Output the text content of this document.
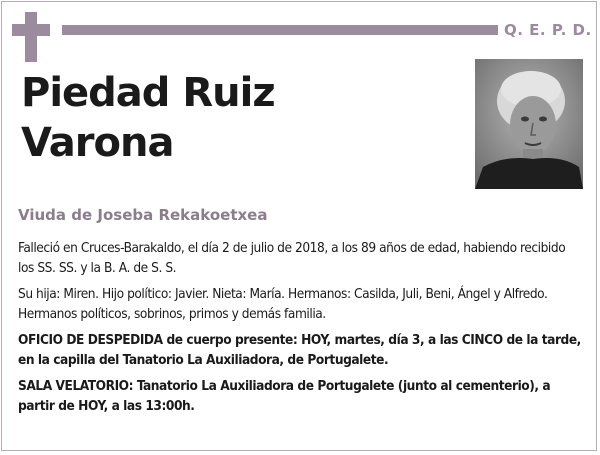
Q. E. P. D.
Piedad Ruiz
Varona
Viuda de Joseba Rekakoetxea

Falleció en Cruces-Barakaldo, el día 2 de julio de 2018, a los 89 años de edad, habiendo recibido los SS. SS. y la B. A. de S. S.

Su hija: Miren. Hijo político: Javier. Nieta: María. Hermanos: Casilda, Juli, Beni, Ángel y Alfredo. Hermanos políticos, sobrinos, primos y demás familia.

OFICIO DE DESPEDIDA de cuerpo presente: HOY, martes, día 3, a las CINCO de la tarde, en la capilla del Tanatorio La Auxiliadora, de Portugalete.

SALA VELATORIO: Tanatorio La Auxiliadora de Portugalete (junto al cementerio), a partir de HOY, a las 13:00h.
